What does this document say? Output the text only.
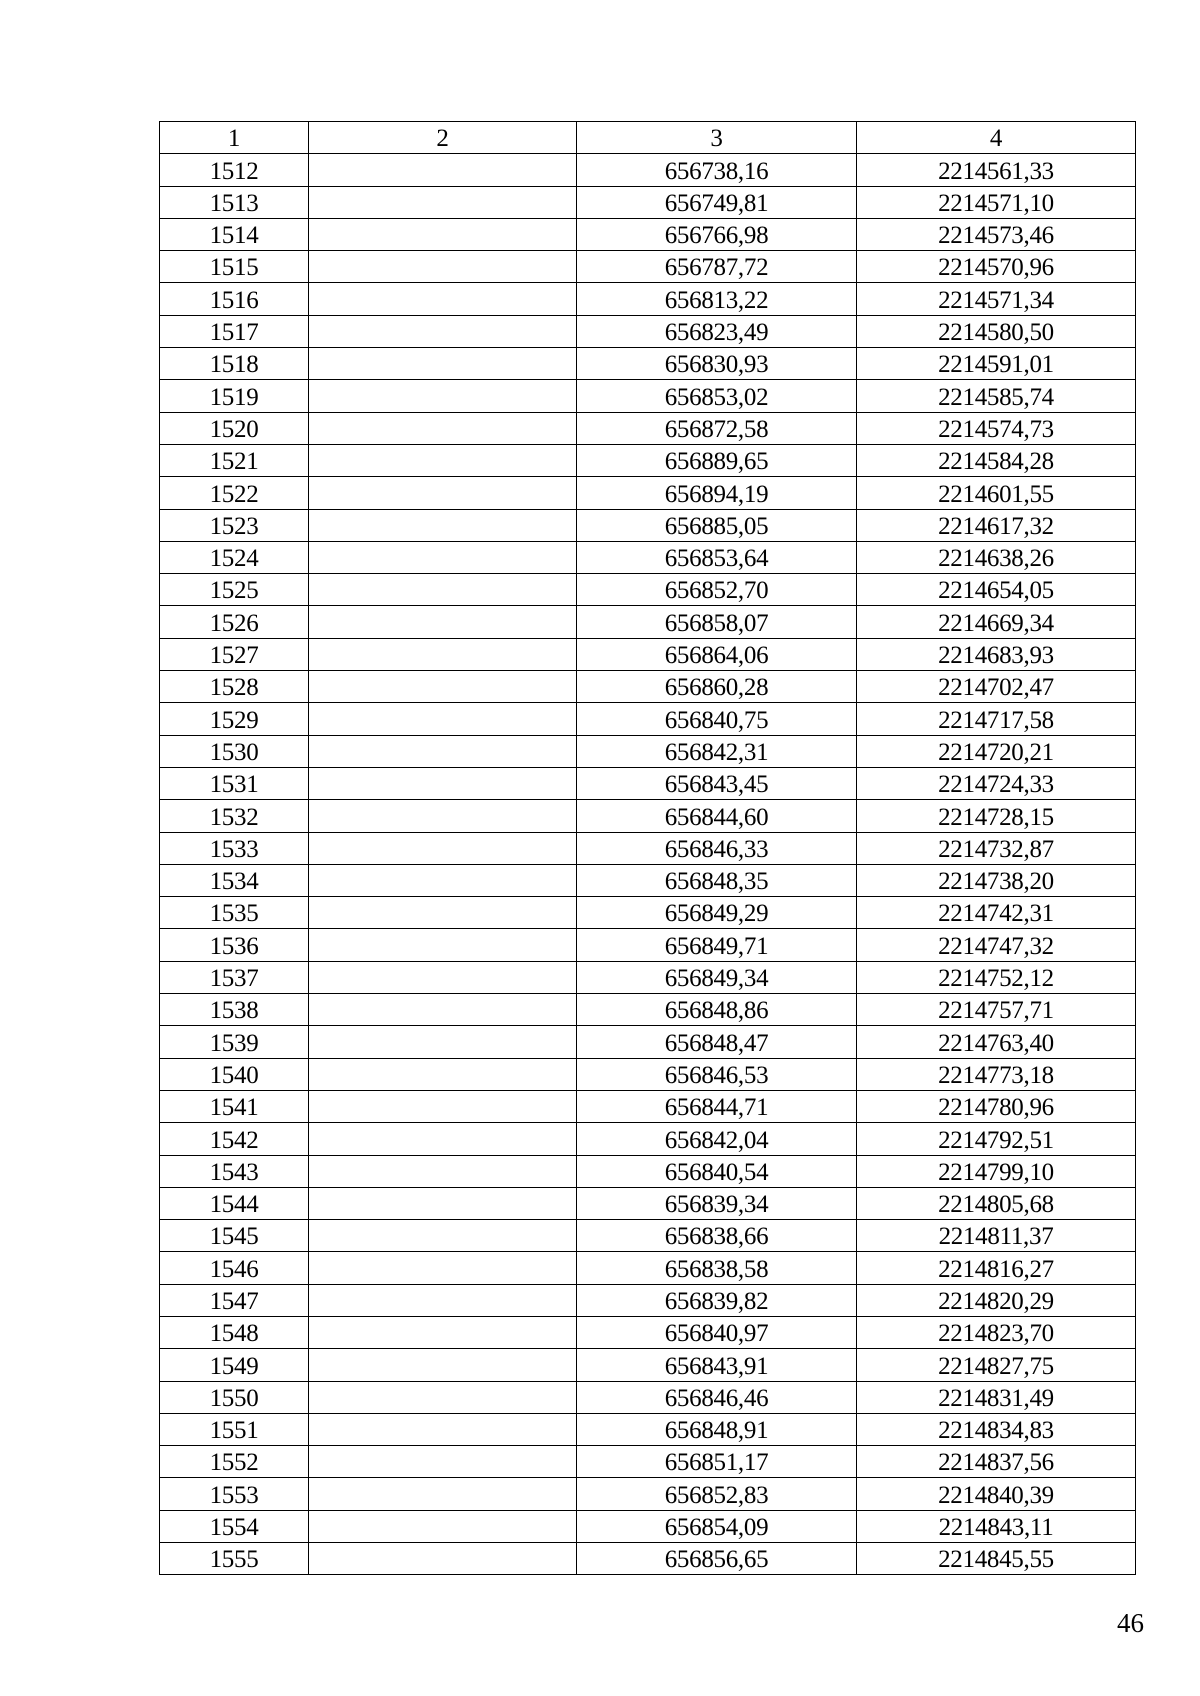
1	2	3	4
1512		656738,16	2214561,33
1513		656749,81	2214571,10
1514		656766,98	2214573,46
1515		656787,72	2214570,96
1516		656813,22	2214571,34
1517		656823,49	2214580,50
1518		656830,93	2214591,01
1519		656853,02	2214585,74
1520		656872,58	2214574,73
1521		656889,65	2214584,28
1522		656894,19	2214601,55
1523		656885,05	2214617,32
1524		656853,64	2214638,26
1525		656852,70	2214654,05
1526		656858,07	2214669,34
1527		656864,06	2214683,93
1528		656860,28	2214702,47
1529		656840,75	2214717,58
1530		656842,31	2214720,21
1531		656843,45	2214724,33
1532		656844,60	2214728,15
1533		656846,33	2214732,87
1534		656848,35	2214738,20
1535		656849,29	2214742,31
1536		656849,71	2214747,32
1537		656849,34	2214752,12
1538		656848,86	2214757,71
1539		656848,47	2214763,40
1540		656846,53	2214773,18
1541		656844,71	2214780,96
1542		656842,04	2214792,51
1543		656840,54	2214799,10
1544		656839,34	2214805,68
1545		656838,66	2214811,37
1546		656838,58	2214816,27
1547		656839,82	2214820,29
1548		656840,97	2214823,70
1549		656843,91	2214827,75
1550		656846,46	2214831,49
1551		656848,91	2214834,83
1552		656851,17	2214837,56
1553		656852,83	2214840,39
1554		656854,09	2214843,11
1555		656856,65	2214845,55
46
